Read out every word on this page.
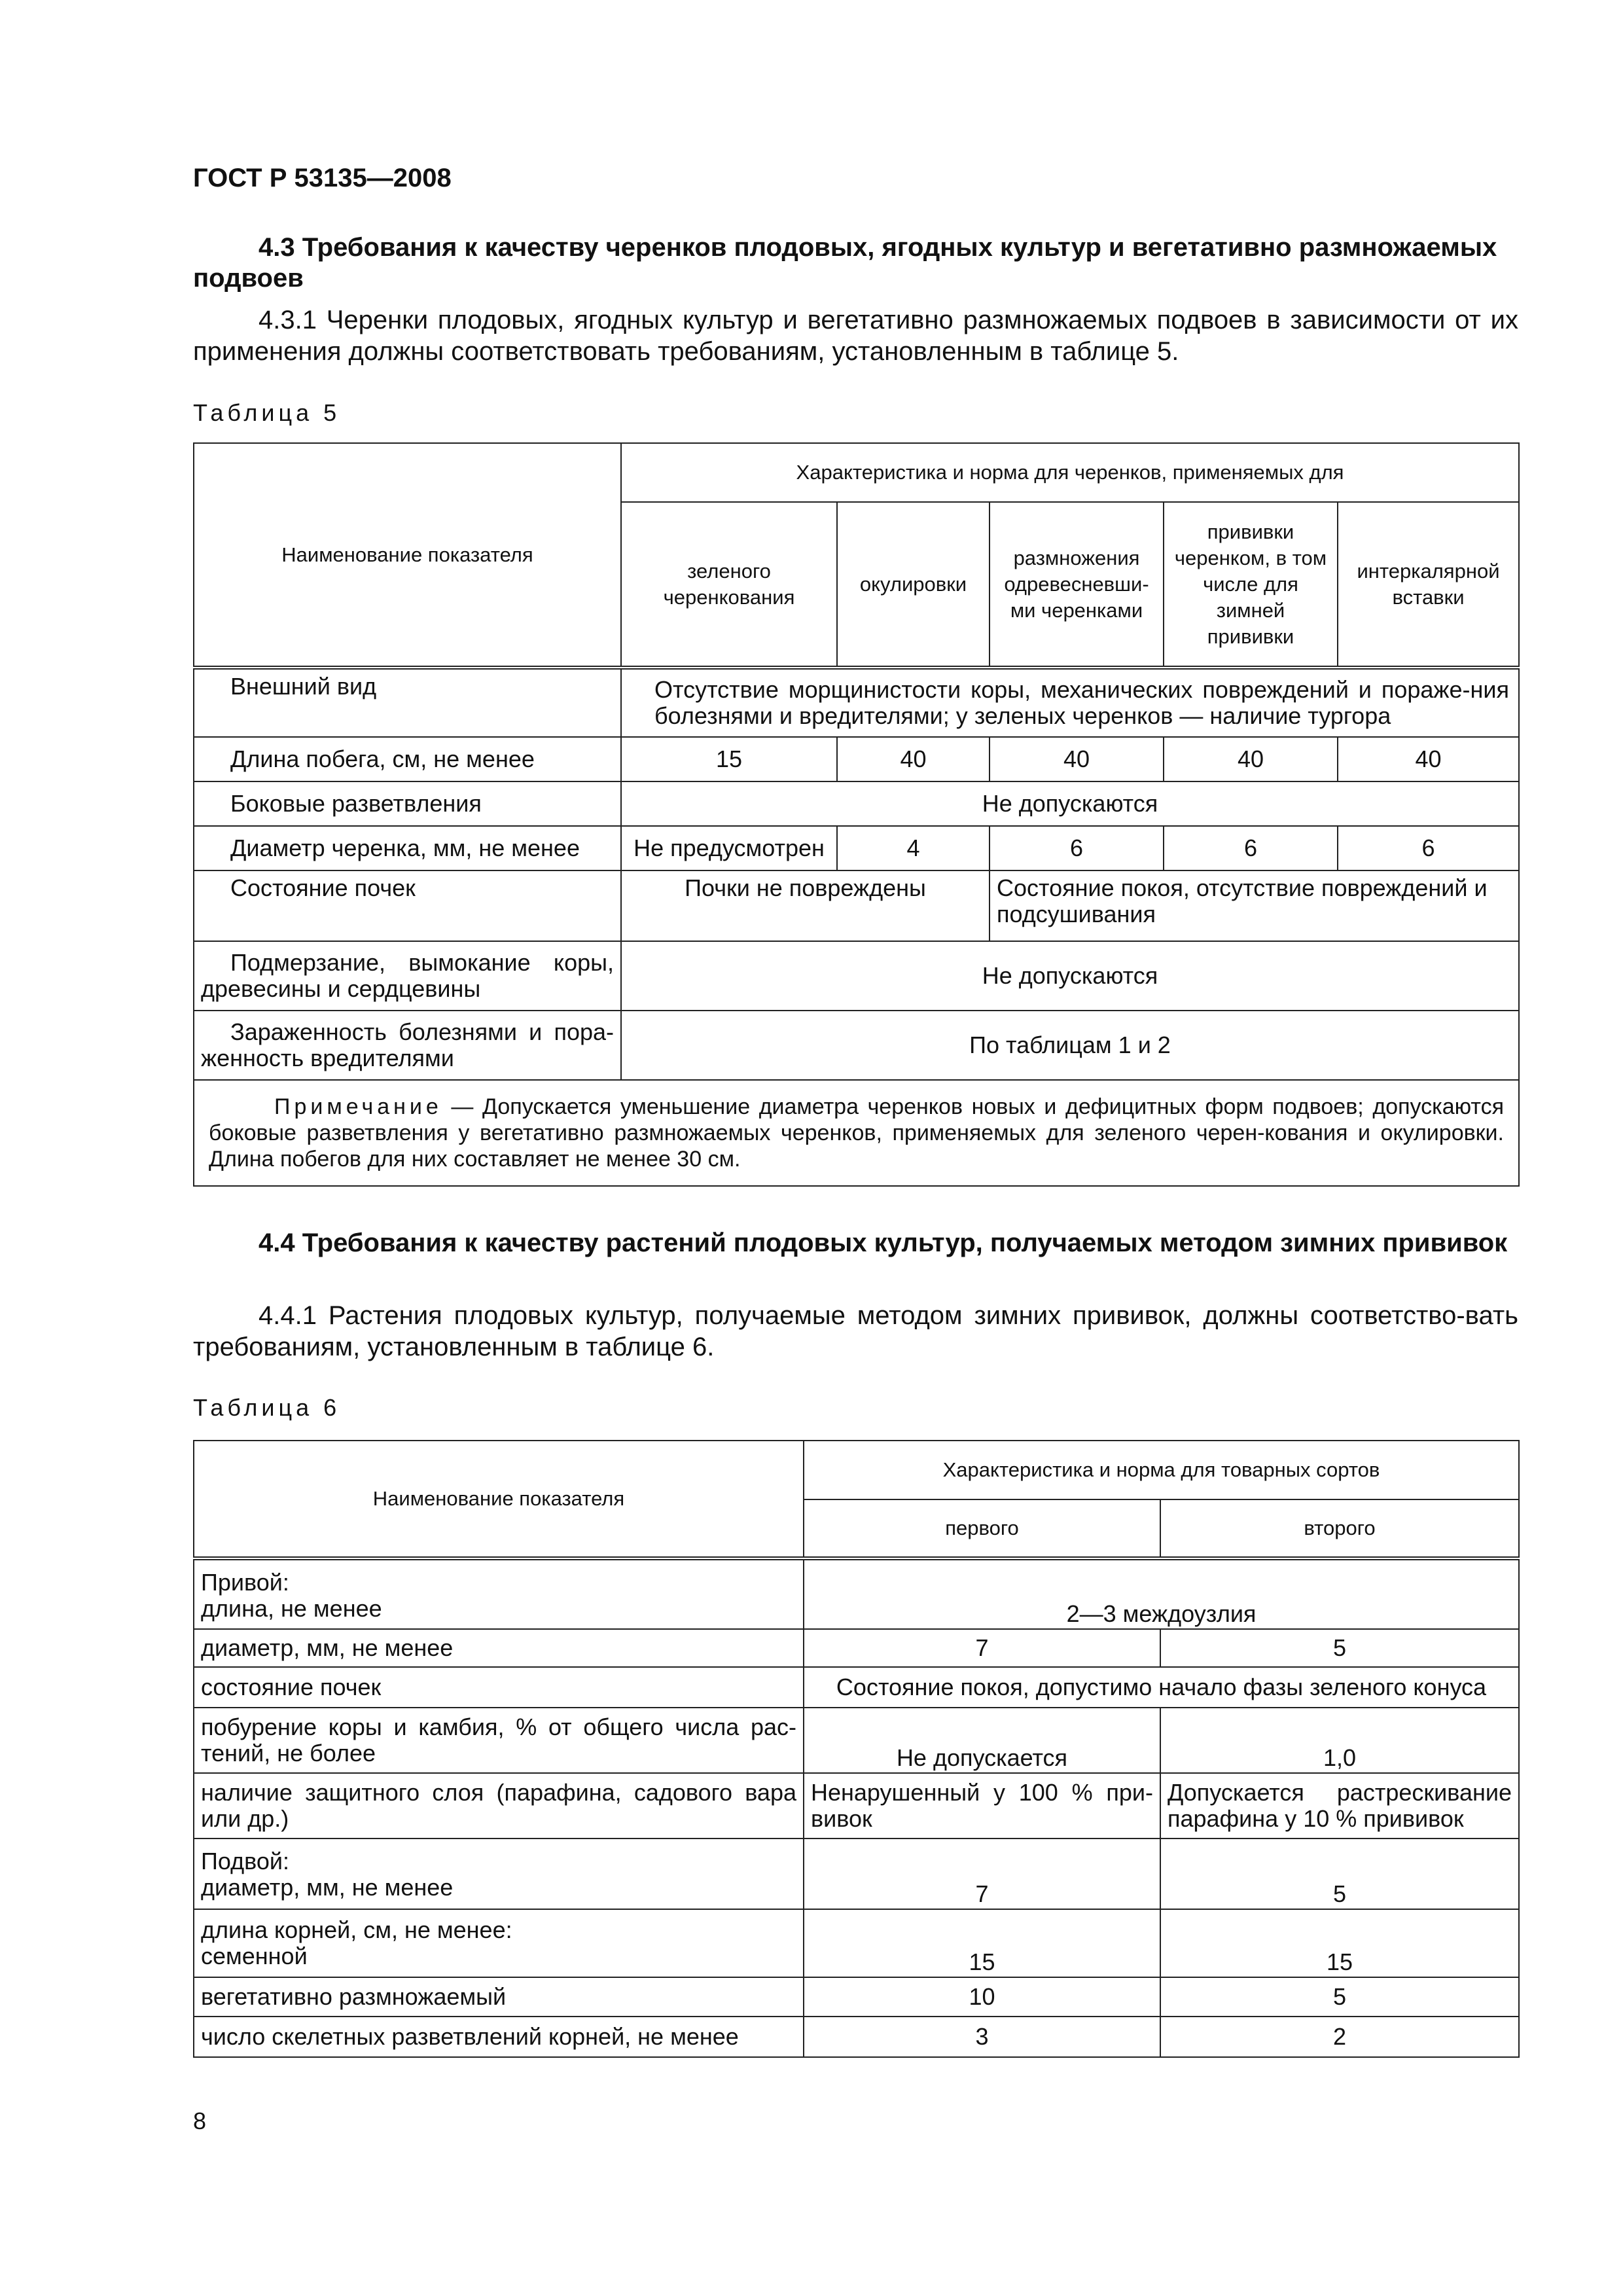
ГОСТ Р 53135—2008
4.3 Требования к качеству черенков плодовых, ягодных культур и вегетативно размножаемых подвоев
4.3.1 Черенки плодовых, ягодных культур и вегетативно размножаемых подвоев в зависимости от их применения должны соответствовать требованиям, установленным в таблице 5.
Таблица 5
Наименование показателя	Характеристика и норма для черенков, применяемых для				
	зеленого черенкования	окулировки	размножения одревесневши-ми черенками	прививки черенком, в том числе для зимней прививки	интеркалярной вставки
Внешний вид	Отсутствие морщинистости коры, механических повреждений и пораже-ния болезнями и вредителями; у зеленых черенков — наличие тургора				
Длина побега, см, не менее	15	40	40	40	40
Боковые разветвления	Не допускаются				
Диаметр черенка, мм, не менее	Не предусмотрен	4	6	6	6
Состояние почек	Почки не повреждены		Состояние покоя, отсутствие повреждений и подсушивания		
Подмерзание, вымокание коры, древесины и сердцевины	Не допускаются				
Зараженность болезнями и пора-женность вредителями	По таблицам 1 и 2				
Примечание — Допускается уменьшение диаметра черенков новых и дефицитных форм подвоев; допускаются боковые разветвления у вегетативно размножаемых черенков, применяемых для зеленого черен-кования и окулировки. Длина побегов для них составляет не менее 30 см.					
4.4 Требования к качеству растений плодовых культур, получаемых методом зимних прививок
4.4.1 Растения плодовых культур, получаемые методом зимних прививок, должны соответство-вать требованиям, установленным в таблице 6.
Таблица 6
Наименование показателя	Характеристика и норма для товарных сортов	
	первого	второго

Привой:
длина, не менее	2—3 междоузлия	
диаметр, мм, не менее	7	5
состояние почек	Состояние покоя, допустимо начало фазы зеленого конуса	
побурение коры и камбия, % от общего числа рас-тений, не более	Не допускается	1,0
наличие защитного слоя (парафина, садового вара или др.)	Ненарушенный у 100 % при-вивок	Допускается растрескивание парафина у 10 % прививок

Подвой:
диаметр, мм, не менее	7	5

длина корней, см, не менее:
семенной	15	15
вегетативно размножаемый	10	5
число скелетных разветвлений корней, не менее	3	2
8
